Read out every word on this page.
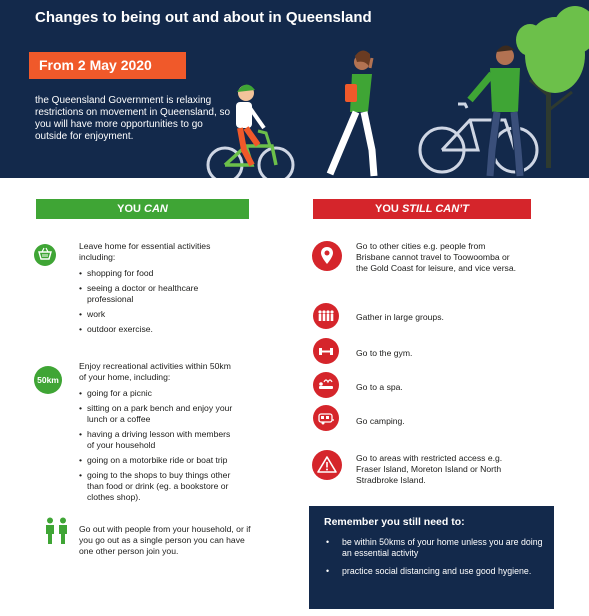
Changes to being out and about in Queensland
From 2 May 2020
the Queensland Government is relaxing restrictions on movement in Queensland, so you will have more opportunities to go outside for enjoyment.
YOU CAN	YOU STILL CAN’T
Leave home for essential activities including:
• shopping for food
• seeing a doctor or healthcare professional
• work
• outdoor exercise.
50km
Enjoy recreational activities within 50km of your home, including:
• going for a picnic
• sitting on a park bench and enjoy your lunch or a coffee
• having a driving lesson with members of your household
• going on a motorbike ride or boat trip
• going to the shops to buy things other than food or drink (eg. a bookstore or clothes shop).
Go out with people from your household, or if you go out as a single person you can have one other person join you.
Go to other cities e.g. people from Brisbane cannot travel to Toowoomba or the Gold Coast for leisure, and vice versa.
Gather in large groups.
Go to the gym.
Go to a spa.
Go camping.
Go to areas with restricted access e.g. Fraser Island, Moreton Island or North Stradbroke Island.
Remember you still need to:
• be within 50kms of your home unless you are doing an essential activity
• practice social distancing and use good hygiene.
